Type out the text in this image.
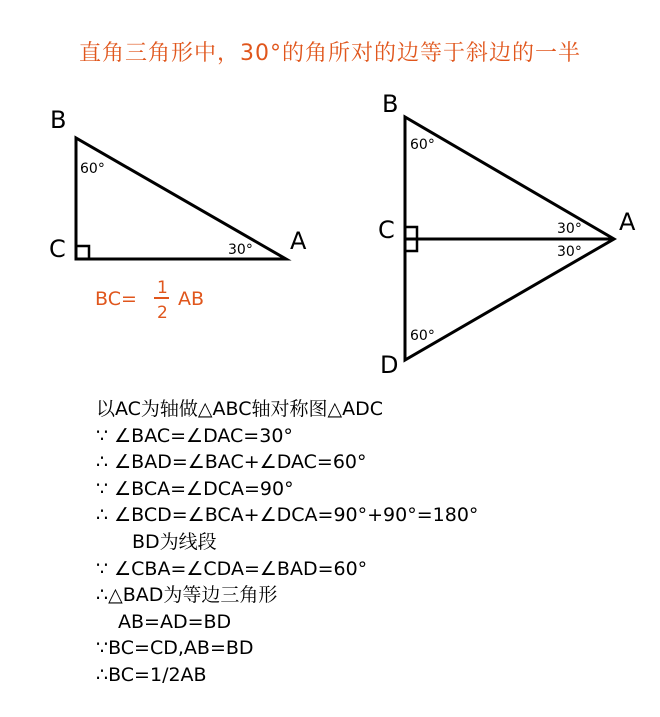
直角三角形中，30°的角所对的边等于斜边的一半
B
C	A
60°
30°
BC= 1
2
AB
B
C	A
D
60°
30°
30°
60°
以AC为轴做△ABC轴对称图△ADC
∵ ∠BAC=∠DAC=30°
∴ ∠BAD=∠BAC+∠DAC=60°
∵ ∠BCA=∠DCA=90°
∴ ∠BCD=∠BCA+∠DCA=90°+90°=180°
BD为线段
∵ ∠CBA=∠CDA=∠BAD=60°
∴△BAD为等边三角形
AB=AD=BD
∵BC=CD,AB=BD
∴BC=1/2AB
